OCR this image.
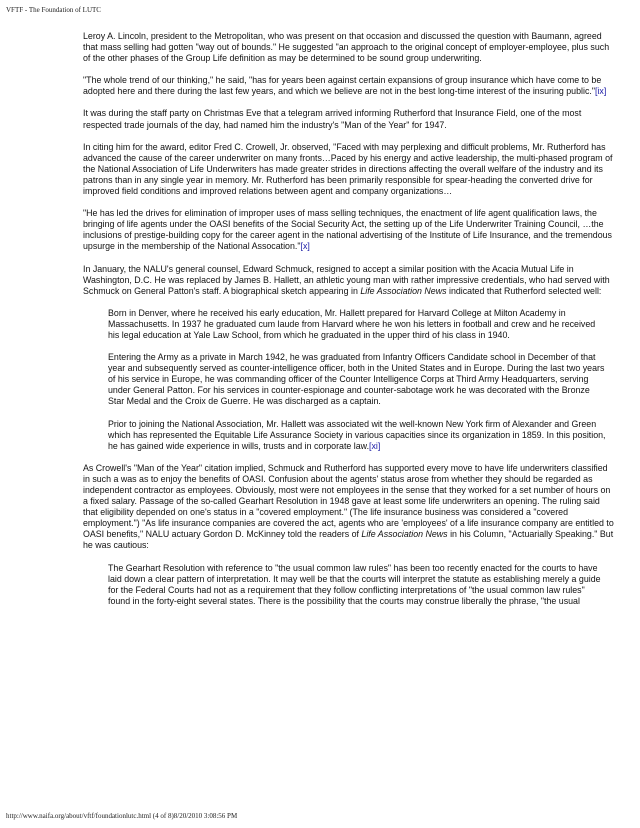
VFTF - The Foundation of LUTC

Leroy A. Lincoln, president to the Metropolitan, who was present on that occasion and discussed the question with Baumann, agreed that mass selling had gotten "way out of bounds." He suggested "an approach to the original concept of employer-employee, plus such of the other phases of the Group Life definition as may be determined to be sound group underwriting.

"The whole trend of our thinking," he said, "has for years been against certain expansions of group insurance which have come to be adopted here and there during the last few years, and which we believe are not in the best long-time interest of the insuring public."[ix]

It was during the staff party on Christmas Eve that a telegram arrived informing Rutherford that Insurance Field, one of the most respected trade journals of the day, had named him the industry's "Man of the Year" for 1947.

In citing him for the award, editor Fred C. Crowell, Jr. observed, "Faced with may perplexing and difficult problems, Mr. Rutherford has advanced the cause of the career underwriter on many fronts…Paced by his energy and active leadership, the multi-phased program of the National Association of Life Underwriters has made greater strides in directions affecting the overall welfare of the industry and its patrons than in any single year in memory. Mr. Rutherford has been primarily responsible for spear-heading the converted drive for improved field conditions and improved relations between agent and company organizations…

"He has led the drives for elimination of improper uses of mass selling techniques, the enactment of life agent qualification laws, the bringing of life agents under the OASI benefits of the Social Security Act, the setting up of the Life Underwriter Training Council, …the inclusions of prestige-building copy for the career agent in the national advertising of the Institute of Life Insurance, and the tremendous upsurge in the membership of the National Assocation."[x]

In January, the NALU's general counsel, Edward Schmuck, resigned to accept a similar position with the Acacia Mutual Life in Washington, D.C. He was replaced by James B. Hallett, an athletic young man with rather impressive credentials, who had served with Schmuck on General Patton's staff. A biographical sketch appearing in Life Association News indicated that Rutherford selected well:

Born in Denver, where he received his early education, Mr. Hallett prepared for Harvard College at Milton Academy in Massachusetts. In 1937 he graduated cum laude from Harvard where he won his letters in football and crew and he received his legal education at Yale Law School, from which he graduated in the upper third of his class in 1940.

Entering the Army as a private in March 1942, he was graduated from Infantry Officers Candidate school in December of that year and subsequently served as counter-intelligence officer, both in the United States and in Europe. During the last two years of his service in Europe, he was commanding officer of the Counter Intelligence Corps at Third Army Headquarters, serving under General Patton. For his services in counter-espionage and counter-sabotage work he was decorated with the Bronze Star Medal and the Croix de Guerre. He was discharged as a captain.

Prior to joining the National Association, Mr. Hallett was associated wit the well-known New York firm of Alexander and Green which has represented the Equitable Life Assurance Society in various capacities since its organization in 1859. In this position, he has gained wide experience in wills, trusts and in corporate law.[xi]

As Crowell's "Man of the Year" citation implied, Schmuck and Rutherford has supported every move to have life underwriters classified in such a was as to enjoy the benefits of OASI. Confusion about the agents' status arose from whether they should be regarded as independent contractor as employees. Obviously, most were not employees in the sense that they worked for a set number of hours on a fixed salary. Passage of the so-called Gearhart Resolution in 1948 gave at least some life underwriters an opening. The ruling said that eligibility depended on one's status in a "covered employment." (The life insurance business was considered a "covered employment.") "As life insurance companies are covered the act, agents who are 'employees' of a life insurance company are entitled to OASI benefits," NALU actuary Gordon D. McKinney told the readers of Life Association News in his Column, "Actuarially Speaking." But he was cautious:

The Gearhart Resolution with reference to "the usual common law rules" has been too recently enacted for the courts to have laid down a clear pattern of interpretation. It may well be that the courts will interpret the statute as establishing merely a guide for the Federal Courts had not as a requirement that they follow conflicting interpretations of "the usual common law rules" found in the forty-eight several states. There is the possibility that the courts may construe liberally the phrase, "the usual

http://www.naifa.org/about/vftf/foundationlutc.html (4 of 8)8/20/2010 3:08:56 PM
